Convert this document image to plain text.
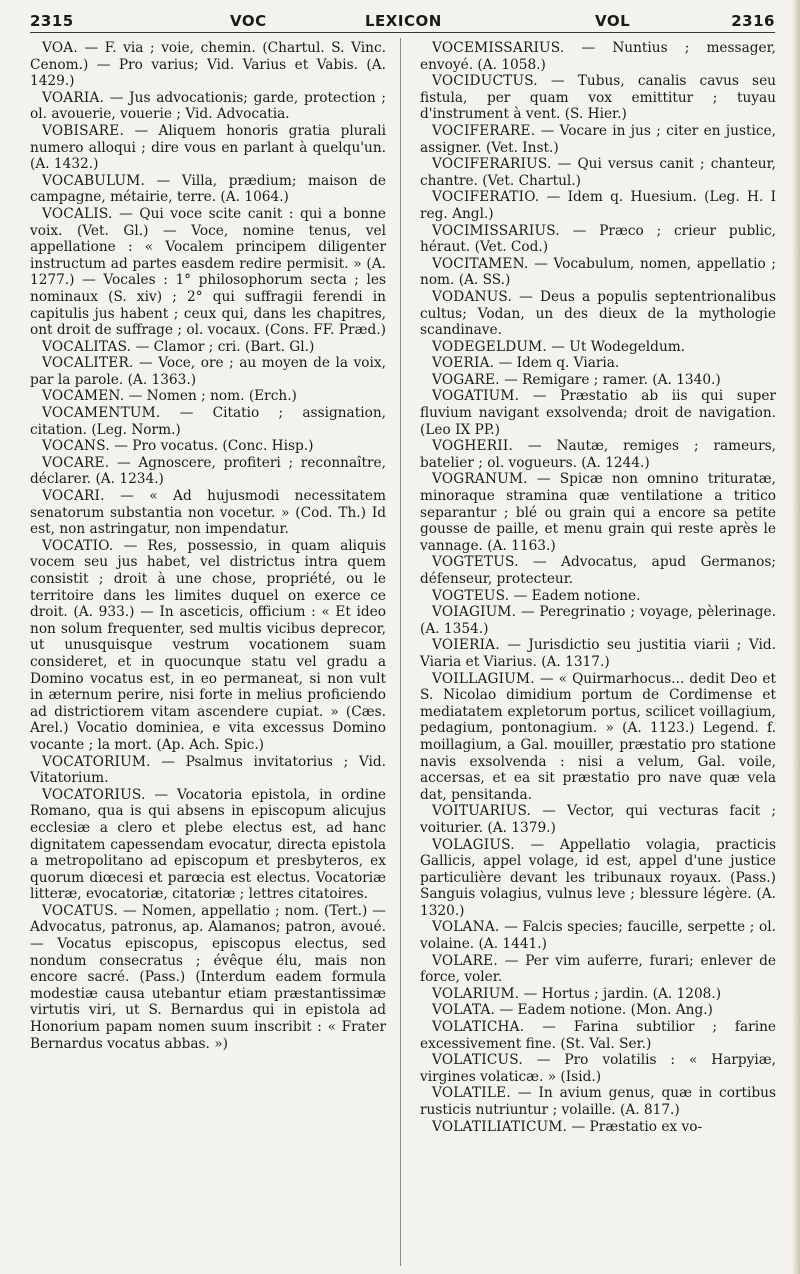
2315	VOC	LEXICON	VOL	2316

VOA. — F. via ; voie, chemin. (Chartul. S. Vinc. Cenom.) — Pro varius; Vid. Varius et Vabis. (A. 1429.)

VOARIA. — Jus advocationis; garde, protection ; ol. avouerie, vouerie ; Vid. Advocatia.

VOBISARE. — Aliquem honoris gratia plurali numero alloqui ; dire vous en parlant à quelqu'un. (A. 1432.)

VOCABULUM. — Villa, prædium; maison de campagne, métairie, terre. (A. 1064.)

VOCALIS. — Qui voce scite canit : qui a bonne voix. (Vet. Gl.) — Voce, nomine tenus, vel appellatione : « Vocalem principem diligenter instructum ad partes easdem redire permisit. » (A. 1277.) — Vocales : 1° philosophorum secta ; les nominaux (S. xiv) ; 2° qui suffragii ferendi in capitulis jus habent ; ceux qui, dans les chapitres, ont droit de suffrage ; ol. vocaux. (Cons. FF. Præd.)

VOCALITAS. — Clamor ; cri. (Bart. Gl.)

VOCALITER. — Voce, ore ; au moyen de la voix, par la parole. (A. 1363.)

VOCAMEN. — Nomen ; nom. (Erch.)

VOCAMENTUM. — Citatio ; assignation, citation. (Leg. Norm.)

VOCANS. — Pro vocatus. (Conc. Hisp.)

VOCARE. — Agnoscere, profiteri ; reconnaître, déclarer. (A. 1234.)

VOCARI. — « Ad hujusmodi necessitatem senatorum substantia non vocetur. » (Cod. Th.) Id est, non astringatur, non impendatur.

VOCATIO. — Res, possessio, in quam aliquis vocem seu jus habet, vel districtus intra quem consistit ; droit à une chose, propriété, ou le territoire dans les limites duquel on exerce ce droit. (A. 933.) — In asceticis, officium : « Et ideo non solum frequenter, sed multis vicibus deprecor, ut unusquisque vestrum vocationem suam consideret, et in quocunque statu vel gradu a Domino vocatus est, in eo permaneat, si non vult in æternum perire, nisi forte in melius proficiendo ad districtiorem vitam ascendere cupiat. » (Cæs. Arel.) Vocatio dominiea, e vita excessus Domino vocante ; la mort. (Ap. Ach. Spic.)

VOCATORIUM. — Psalmus invitatorius ; Vid. Vitatorium.

VOCATORIUS. — Vocatoria epistola, in ordine Romano, qua is qui absens in episcopum alicujus ecclesiæ a clero et plebe electus est, ad hanc dignitatem capessendam evocatur, directa epistola a metropolitano ad episcopum et presbyteros, ex quorum diœcesi et parœcia est electus. Vocatoriæ litteræ, evocatoriæ, citatoriæ ; lettres citatoires.

VOCATUS. — Nomen, appellatio ; nom. (Tert.) — Advocatus, patronus, ap. Alamanos; patron, avoué. — Vocatus episcopus, episcopus electus, sed nondum consecratus ; évêque élu, mais non encore sacré. (Pass.) (Interdum eadem formula modestiæ causa utebantur etiam præstantissimæ virtutis viri, ut S. Bernardus qui in epistola ad Honorium papam nomen suum inscribit : « Frater Bernardus vocatus abbas. »)

VOCEMISSARIUS. — Nuntius ; messager, envoyé. (A. 1058.)

VOCIDUCTUS. — Tubus, canalis cavus seu fistula, per quam vox emittitur ; tuyau d'instrument à vent. (S. Hier.)

VOCIFERARE. — Vocare in jus ; citer en justice, assigner. (Vet. Inst.)

VOCIFERARIUS. — Qui versus canit ; chanteur, chantre. (Vet. Chartul.)

VOCIFERATIO. — Idem q. Huesium. (Leg. H. I reg. Angl.)

VOCIMISSARIUS. — Præco ; crieur public, héraut. (Vet. Cod.)

VOCITAMEN. — Vocabulum, nomen, appellatio ; nom. (A. SS.)

VODANUS. — Deus a populis septentrionalibus cultus; Vodan, un des dieux de la mythologie scandinave.

VODEGELDUM. — Ut Wodegeldum.

VOERIA. — Idem q. Viaria.

VOGARE. — Remigare ; ramer. (A. 1340.)

VOGATIUM. — Præstatio ab iis qui super fluvium navigant exsolvenda; droit de navigation. (Leo IX PP.)

VOGHERII. — Nautæ, remiges ; rameurs, batelier ; ol. vogueurs. (A. 1244.)

VOGRANUM. — Spicæ non omnino trituratæ, minoraque stramina quæ ventilatione a tritico separantur ; blé ou grain qui a encore sa petite gousse de paille, et menu grain qui reste après le vannage. (A. 1163.)

VOGTETUS. — Advocatus, apud Germanos; défenseur, protecteur.

VOGTEUS. — Eadem notione.

VOIAGIUM. — Peregrinatio ; voyage, pèlerinage. (A. 1354.)

VOIERIA. — Jurisdictio seu justitia viarii ; Vid. Viaria et Viarius. (A. 1317.)

VOILLAGIUM. — « Quirmarhocus... dedit Deo et S. Nicolao dimidium portum de Cordimense et mediatatem expletorum portus, scilicet voillagium, pedagium, pontonagium. » (A. 1123.) Legend. f. moillagium, a Gal. mouiller, præstatio pro statione navis exsolvenda : nisi a velum, Gal. voile, accersas, et ea sit præstatio pro nave quæ vela dat, pensitanda.

VOITUARIUS. — Vector, qui vecturas facit ; voiturier. (A. 1379.)

VOLAGIUS. — Appellatio volagia, practicis Gallicis, appel volage, id est, appel d'une justice particulière devant les tribunaux royaux. (Pass.) Sanguis volagius, vulnus leve ; blessure légère. (A. 1320.)

VOLANA. — Falcis species; faucille, serpette ; ol. volaine. (A. 1441.)

VOLARE. — Per vim auferre, furari; enlever de force, voler.

VOLARIUM. — Hortus ; jardin. (A. 1208.)

VOLATA. — Eadem notione. (Mon. Ang.)

VOLATICHA. — Farina subtilior ; farine excessivement fine. (St. Val. Ser.)

VOLATICUS. — Pro volatilis : « Harpyiæ, virgines volaticæ. » (Isid.)

VOLATILE. — In avium genus, quæ in cortibus rusticis nutriuntur ; volaille. (A. 817.)

VOLATILIATICUM. — Præstatio ex vo-
